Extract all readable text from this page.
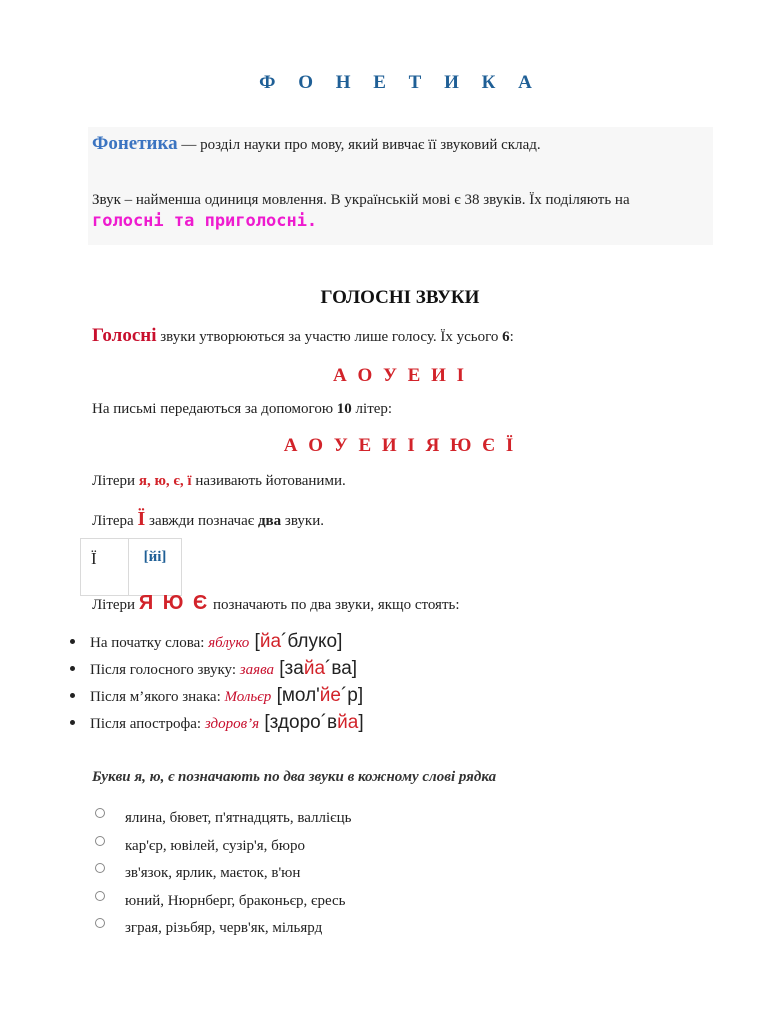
Ф О Н Е Т И К А
Фонетика — розділ науки про мову, який вивчає її звуковий склад.
Звук – найменша одиниця мовлення. В українській мові є 38 звуків. Їх поділяють на голосні та приголосні.
ГОЛОСНІ ЗВУКИ
Голосні звуки утворюються за участю лише голосу. Їх усього 6:
А О У Е И І
На письмі передаються за допомогою 10 літер:
А О У Е И І Я Ю Є Ї
Літери я, ю, є, ї називають йотованими.
Літера Ї завжди позначає два звуки.
Ї	[йі]
Літери Я Ю Є позначають по два звуки, якщо стоять:
На початку слова: яблуко [йа´блуко]
Після голосного звуку: заява [зайа´ва]
Після м’якого знака: Мольєр [мол'йе´р]
Після апострофа: здоров’я [здоро´вйа]
Букви я, ю, є позначають по два звуки в кожному слові рядка
ялина, бювет, п'ятнадцять, валлієць
кар'єр, ювілей, сузір'я, бюро
зв'язок, ярлик, маєток, в'юн
юний, Нюрнберг, браконьєр, єресь
зграя, різьбяр, черв'як, мільярд
